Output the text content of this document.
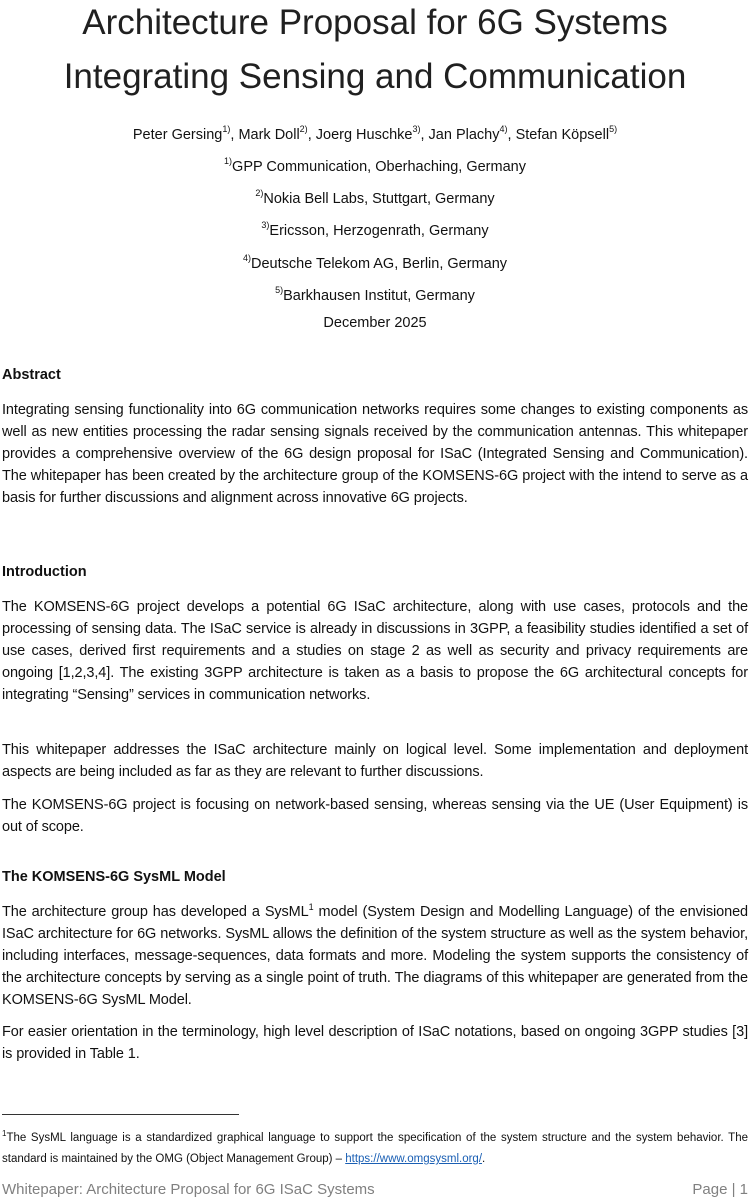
Architecture Proposal for 6G Systems
Integrating Sensing and Communication
Peter Gersing$^{1)}$, Mark Doll$^{2)}$, Joerg Huschke$^{3)}$, Jan Plachy$^{4)}$, Stefan Köpsell$^{5)}$
$^{1)}$GPP Communication, Oberhaching, Germany
$^{2)}$Nokia Bell Labs, Stuttgart, Germany
$^{3)}$Ericsson, Herzogenrath, Germany
$^{4)}$Deutsche Telekom AG, Berlin, Germany
$^{5)}$Barkhausen Institut, Germany
December 2025
Abstract

Integrating sensing functionality into 6G communication networks requires some changes to existing components as well as new entities processing the radar sensing signals received by the communication antennas. This whitepaper provides a comprehensive overview of the 6G design proposal for ISaC (Integrated Sensing and Communication). The whitepaper has been created by the architecture group of the KOMSENS-6G project with the intend to serve as a basis for further discussions and alignment across innovative 6G projects.

Introduction

The KOMSENS-6G project develops a potential 6G ISaC architecture, along with use cases, protocols and the processing of sensing data. The ISaC service is already in discussions in 3GPP, a feasibility studies identified a set of use cases, derived first requirements and a studies on stage 2 as well as security and privacy requirements are ongoing [1,2,3,4]. The existing 3GPP architecture is taken as a basis to propose the 6G architectural concepts for integrating “Sensing” services in communication networks.

This whitepaper addresses the ISaC architecture mainly on logical level. Some implementation and deployment aspects are being included as far as they are relevant to further discussions.

The KOMSENS-6G project is focusing on network-based sensing, whereas sensing via the UE (User Equipment) is out of scope.

The KOMSENS-6G SysML Model

The architecture group has developed a SysML$^1$ model (System Design and Modelling Language) of the envisioned ISaC architecture for 6G networks. SysML allows the definition of the system structure as well as the system behavior, including interfaces, message-sequences, data formats and more. Modeling the system supports the consistency of the architecture concepts by serving as a single point of truth. The diagrams of this whitepaper are generated from the KOMSENS-6G SysML Model.

For easier orientation in the terminology, high level description of ISaC notations, based on ongoing 3GPP studies [3] is provided in Table 1.

$^1$The SysML language is a standardized graphical language to support the specification of the system structure and the system behavior. The standard is maintained by the OMG (Object Management Group) – https://www.omgsysml.org/.
Whitepaper: Architecture Proposal for 6G ISaC Systems	Page | 1
